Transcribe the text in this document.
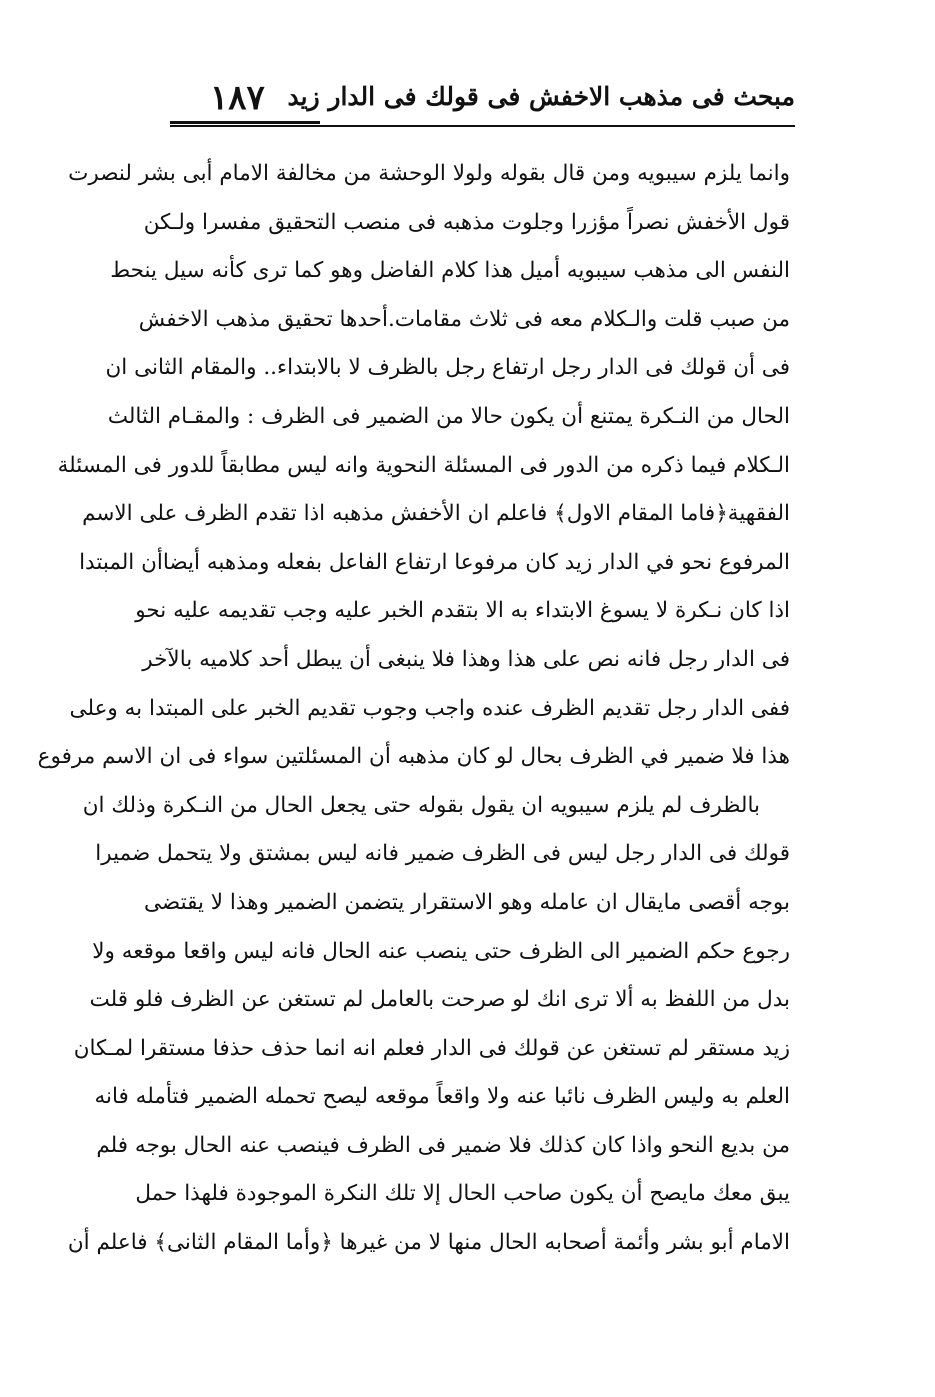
مبحث فى مذهب الاخفش فى قولك فى الدار زيد
١٨٧
وانما يلزم سيبويه ومن قال بقوله ولولا الوحشة من مخالفة الامام أبى بشر لنصرت
قول الأخفش نصراً مؤزرا وجلوت مذهبه فى منصب التحقيق مفسرا ولـكن
النفس الى مذهب سيبويه أميل هذا كلام الفاضل وهو كما ترى كأنه سيل ينحط
من صبب قلت والـكلام معه فى ثلاث مقامات.أحدها تحقيق مذهب الاخفش
فى أن قولك فى الدار رجل ارتفاع رجل بالظرف لا بالابتداء.. والمقام الثانى ان
الحال من النـكرة يمتنع أن يكون حالا من الضمير فى الظرف : والمقـام الثالث
الـكلام فيما ذكره من الدور فى المسئلة النحوية وانه ليس مطابقاً للدور فى المسئلة
الفقهية﴿فاما المقام الاول﴾ فاعلم ان الأخفش مذهبه اذا تقدم الظرف على الاسم
المرفوع نحو في الدار زيد كان مرفوعا ارتفاع الفاعل بفعله ومذهبه أيضاأن المبتدا
اذا كان نـكرة لا يسوغ الابتداء به الا بتقدم الخبر عليه وجب تقديمه عليه نحو
فى الدار رجل فانه نص على هذا وهذا فلا ينبغى أن يبطل أحد كلاميه بالآخر
ففى الدار رجل تقديم الظرف عنده واجب وجوب تقديم الخبر على المبتدا به وعلى
هذا فلا ضمير في الظرف بحال لو كان مذهبه أن المسئلتين سواء فى ان الاسم مرفوع
بالظرف لم يلزم سيبويه ان يقول بقوله حتى يجعل الحال من النـكرة وذلك ان
قولك فى الدار رجل ليس فى الظرف ضمير فانه ليس بمشتق ولا يتحمل ضميرا
بوجه أقصى مايقال ان عامله وهو الاستقرار يتضمن الضمير وهذا لا يقتضى
رجوع حكم الضمير الى الظرف حتى ينصب عنه الحال فانه ليس واقعا موقعه ولا
بدل من اللفظ به ألا ترى انك لو صرحت بالعامل لم تستغن عن الظرف فلو قلت
زيد مستقر لم تستغن عن قولك فى الدار فعلم انه انما حذف حذفا مستقرا لمـكان
العلم به وليس الظرف نائبا عنه ولا واقعاً موقعه ليصح تحمله الضمير فتأمله فانه
من بديع النحو واذا كان كذلك فلا ضمير فى الظرف فينصب عنه الحال بوجه فلم
يبق معك مايصح أن يكون صاحب الحال إلا تلك النكرة الموجودة فلهذا حمل
الامام أبو بشر وأئمة أصحابه الحال منها لا من غيرها ﴿وأما المقام الثانى﴾ فاعلم أن
